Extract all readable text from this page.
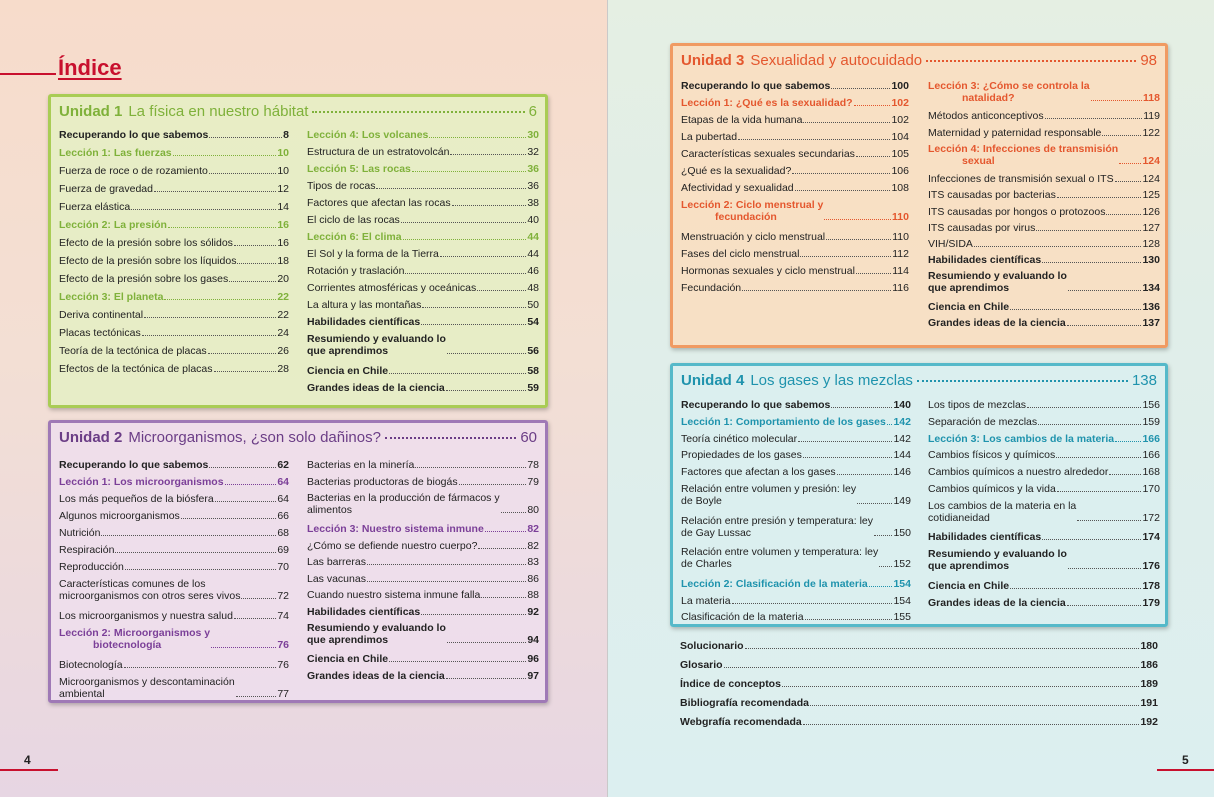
Índice
Unidad 1 La física en nuestro hábitat	6
Recuperando lo que sabemos	8
Lección 1: Las fuerzas	10
Fuerza de roce o de rozamiento	10
Fuerza de gravedad	12
Fuerza elástica	14
Lección 2: La presión	16
Efecto de la presión sobre los sólidos	16
Efecto de la presión sobre los líquidos	18
Efecto de la presión sobre los gases	20
Lección 3: El planeta	22
Deriva continental	22
Placas tectónicas	24
Teoría de la tectónica de placas	26
Efectos de la tectónica de placas	28
Lección 4: Los volcanes	30
Estructura de un estratovolcán	32
Lección 5: Las rocas	36
Tipos de rocas	36
Factores que afectan las rocas	38
El ciclo de las rocas	40
Lección 6: El clima	44
El Sol y la forma de la Tierra	44
Rotación y traslación	46
Corrientes atmosféricas y oceánicas	48
La altura y las montañas	50
Habilidades científicas	54
Resumiendo y evaluando lo
que aprendimos	56
Ciencia en Chile	58
Grandes ideas de la ciencia	59
Unidad 2 Microorganismos, ¿son solo dañinos?	60
Recuperando lo que sabemos	62
Lección 1: Los microorganismos	64
Los más pequeños de la biósfera	64
Algunos microorganismos	66
Nutrición	68
Respiración	69
Reproducción	70
Características comunes de los
microorganismos con otros seres vivos	72
Los microorganismos y nuestra salud	74
Lección 2: Microorganismos y
biotecnología	76
Biotecnología	76
Microorganismos y descontaminación
ambiental	77
Bacterias en la minería	78
Bacterias productoras de biogás	79
Bacterias en la producción de fármacos y
alimentos	80
Lección 3: Nuestro sistema inmune	82
¿Cómo se defiende nuestro cuerpo?	82
Las barreras	83
Las vacunas	86
Cuando nuestro sistema inmune falla	88
Habilidades científicas	92
Resumiendo y evaluando lo
que aprendimos	94
Ciencia en Chile	96
Grandes ideas de la ciencia	97
4	5
Unidad 3 Sexualidad y autocuidado	98
Recuperando lo que sabemos	100
Lección 1: ¿Qué es la sexualidad?	102
Etapas de la vida humana	102
La pubertad	104
Características sexuales secundarias	105
¿Qué es la sexualidad?	106
Afectividad y sexualidad	108
Lección 2: Ciclo menstrual y
fecundación	110
Menstruación y ciclo menstrual	110
Fases del ciclo menstrual	112
Hormonas sexuales y ciclo menstrual	114
Fecundación	116
Lección 3: ¿Cómo se controla la
natalidad?	118
Métodos anticonceptivos	119
Maternidad y paternidad responsable	122
Lección 4: Infecciones de transmisión
sexual	124
Infecciones de transmisión sexual o ITS	124
ITS causadas por bacterias	125
ITS causadas por hongos o protozoos	126
ITS causadas por virus	127
VIH/SIDA	128
Habilidades científicas	130
Resumiendo y evaluando lo
que aprendimos	134
Ciencia en Chile	136
Grandes ideas de la ciencia	137
Unidad 4 Los gases y las mezclas	138
Recuperando lo que sabemos	140
Lección 1: Comportamiento de los gases 142
Teoría cinético molecular	142
Propiedades de los gases	144
Factores que afectan a los gases	146
Relación entre volumen y presión: ley
de Boyle	149
Relación entre presión y temperatura: ley
de Gay Lussac	150
Relación entre volumen y temperatura: ley
de Charles	152
Lección 2: Clasificación de la materia 154
La materia	154
Clasificación de la materia	155
Los tipos de mezclas	156
Separación de mezclas	159
Lección 3: Los cambios de la materia	166
Cambios físicos y químicos	166
Cambios químicos a nuestro alrededor	168
Cambios químicos y la vida	170
Los cambios de la materia en la
cotidianeidad	172
Habilidades científicas	174
Resumiendo y evaluando lo
que aprendimos	176
Ciencia en Chile	178
Grandes ideas de la ciencia	179
Solucionario	180
Glosario	186
Índice de conceptos	189
Bibliografía recomendada	191
Webgrafía recomendada	192
